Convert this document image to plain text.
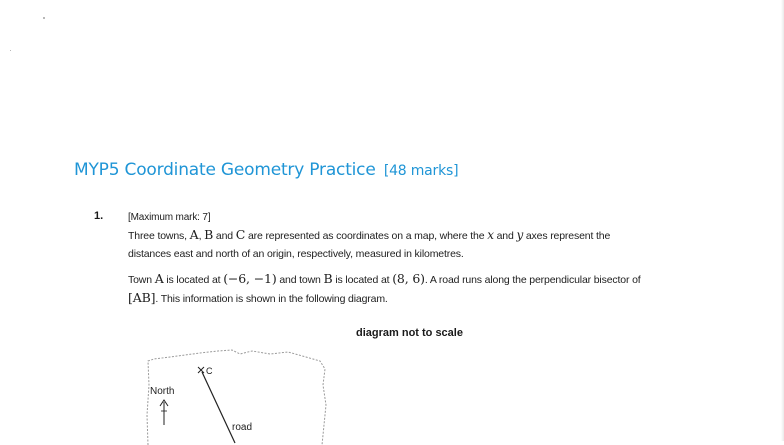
MYP5 Coordinate Geometry Practice [48 marks]
1. [Maximum mark: 7]
Three towns, A, B and C are represented as coordinates on a map, where the x and y axes represent the distances east and north of an origin, respectively, measured in kilometres.
Town A is located at (−6, −1) and town B is located at (8, 6). A road runs along the perpendicular bisector of [AB]. This information is shown in the following diagram.
diagram not to scale
C
North
road
